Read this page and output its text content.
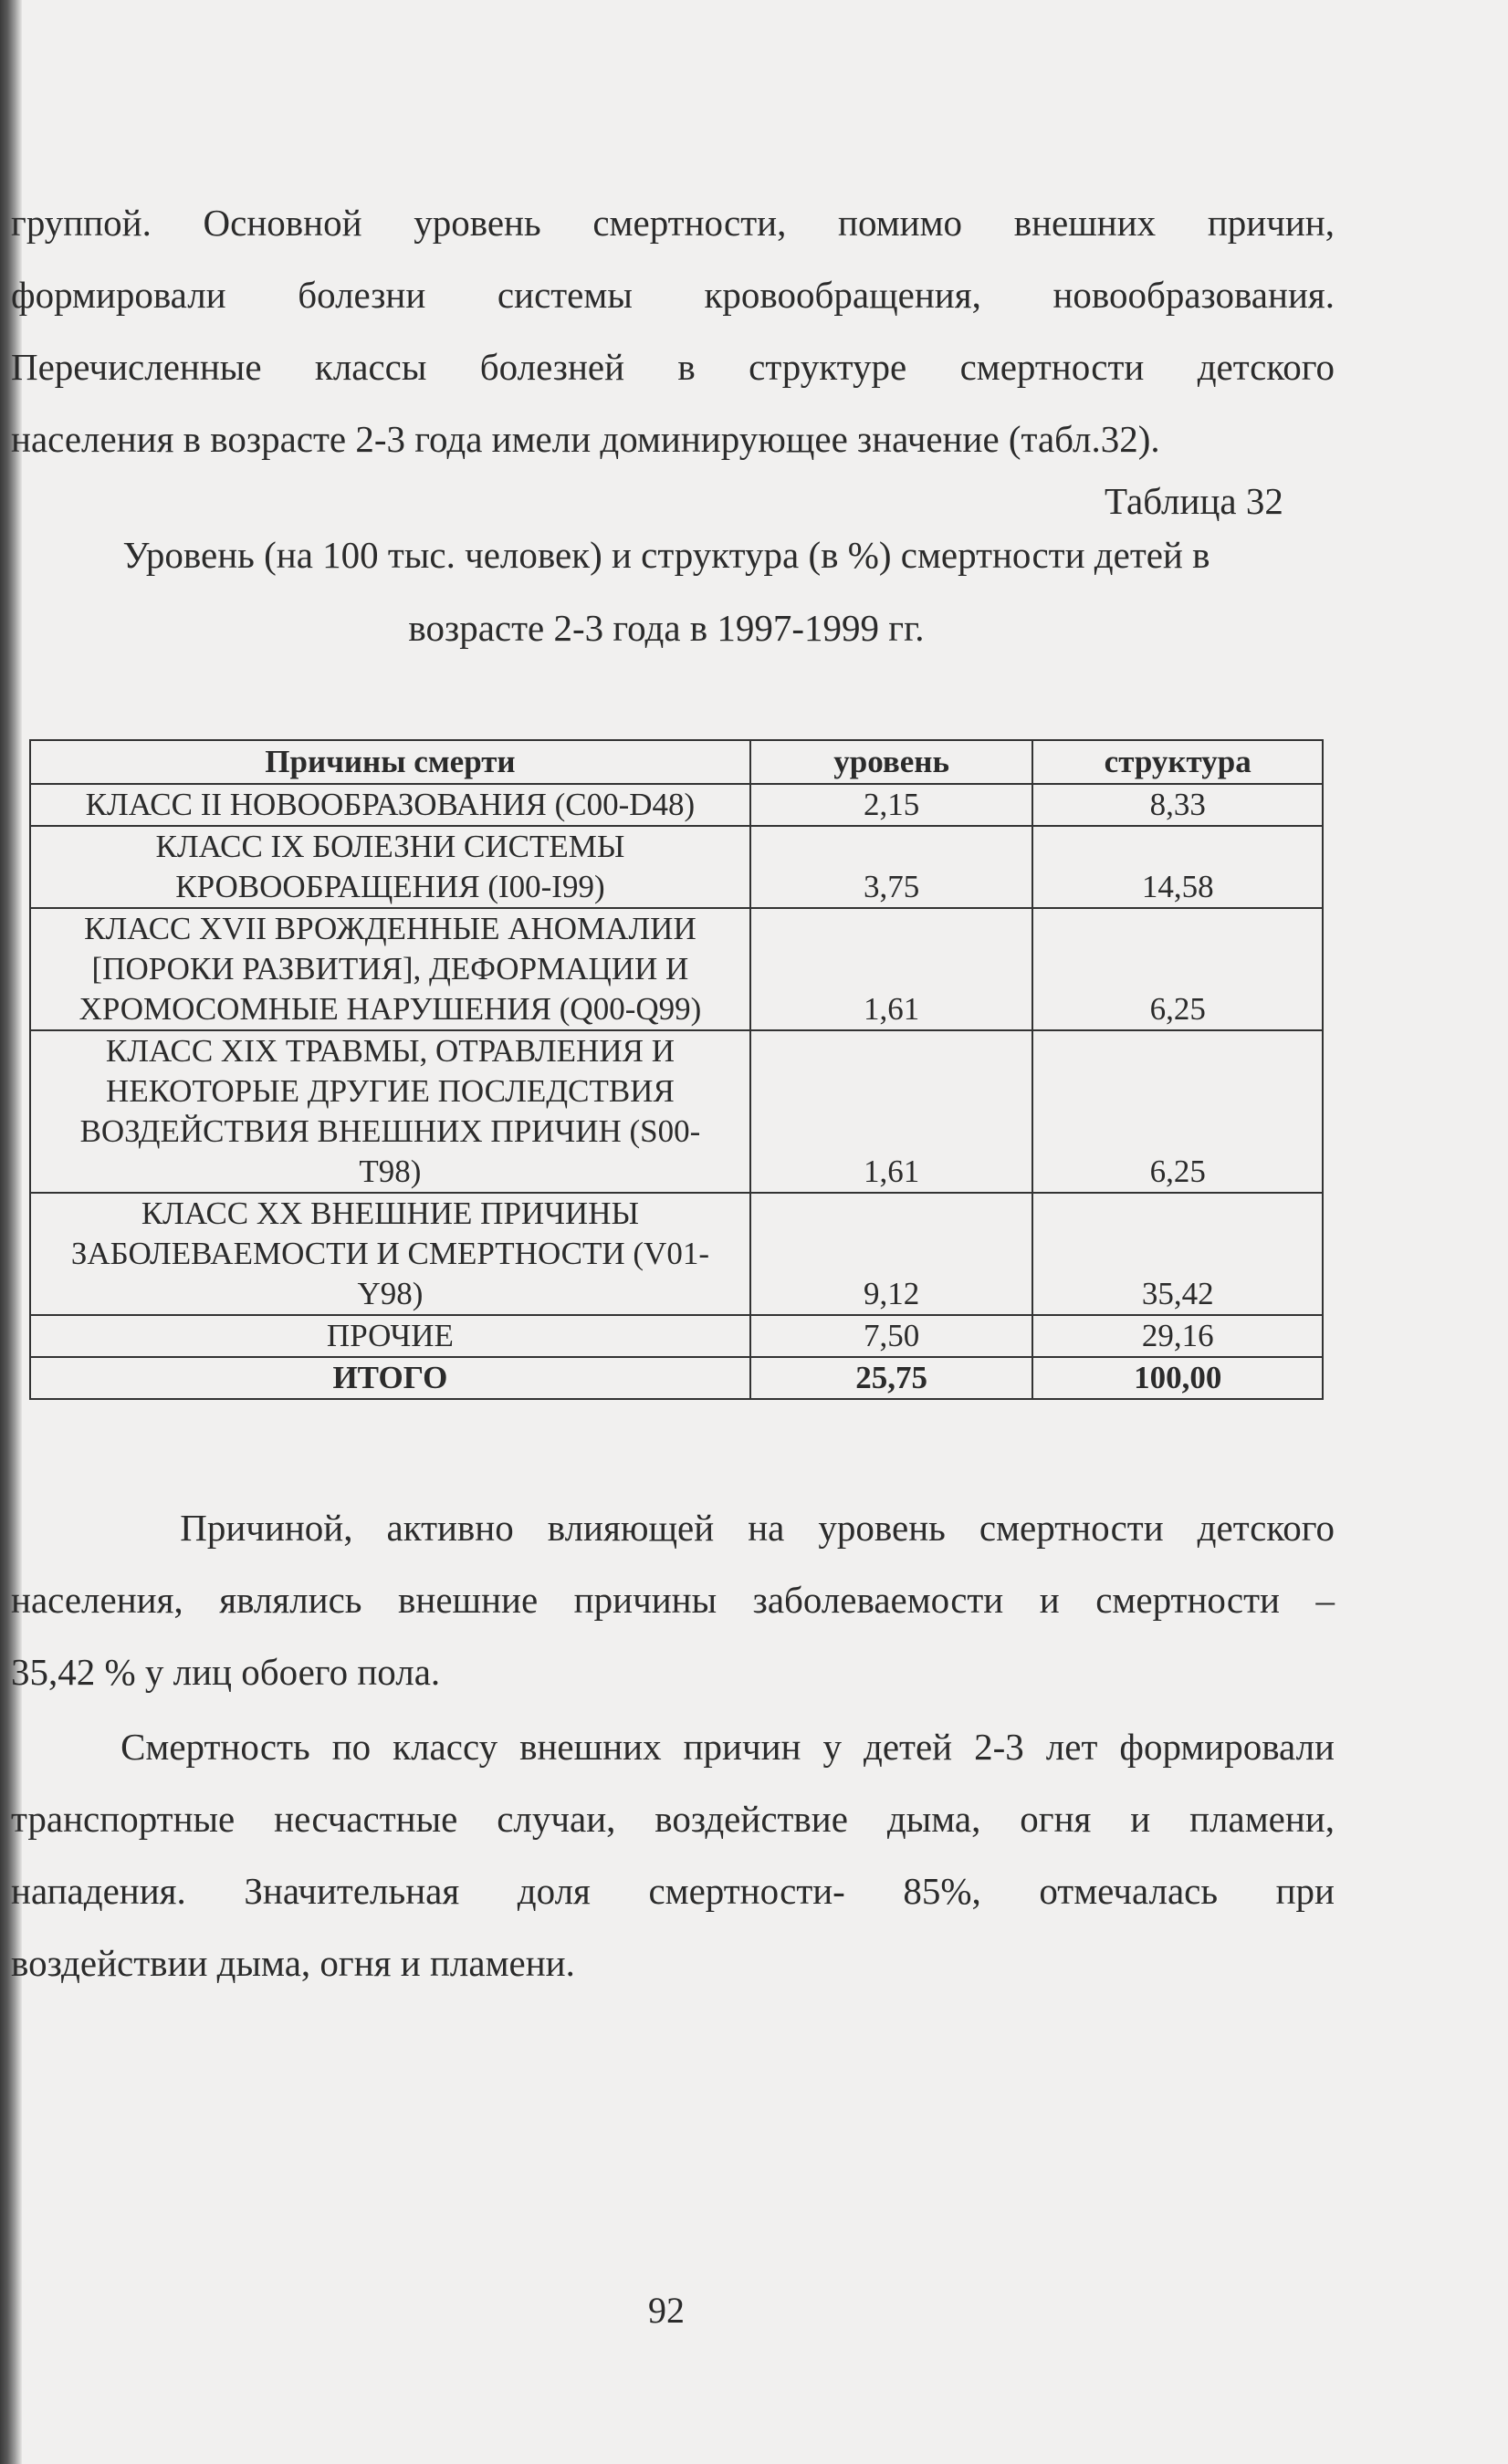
группой. Основной уровень смертности, помимо внешних причин,
формировали болезни системы кровообращения, новообразования.
Перечисленные классы болезней в структуре смертности детского
населения в возрасте 2-3 года имели доминирующее значение (табл.32).

Таблица 32

Уровень (на 100 тыс. человек) и структура (в %) смертности детей в
возрасте 2-3 года в 1997-1999 гг.
Причины смерти	уровень	структура

КЛАСС II НОВООБРАЗОВАНИЯ (C00-D48)	2,15	8,33

КЛАСС IX БОЛЕЗНИ СИСТЕМЫ
КРОВООБРАЩЕНИЯ (I00-I99)	3,75	14,58

КЛАСС XVII ВРОЖДЕННЫЕ АНОМАЛИИ
[ПОРОКИ РАЗВИТИЯ], ДЕФОРМАЦИИ И
ХРОМОСОМНЫЕ НАРУШЕНИЯ (Q00-Q99)	1,61	6,25

КЛАСС XIX ТРАВМЫ, ОТРАВЛЕНИЯ И
НЕКОТОРЫЕ ДРУГИЕ ПОСЛЕДСТВИЯ
ВОЗДЕЙСТВИЯ ВНЕШНИХ ПРИЧИН (S00-
T98)	1,61	6,25

КЛАСС XX ВНЕШНИЕ ПРИЧИНЫ
ЗАБОЛЕВАЕМОСТИ И СМЕРТНОСТИ (V01-
Y98)	9,12	35,42

ПРОЧИЕ	7,50	29,16
ИТОГО	25,75	100,00
Причиной, активно влияющей на уровень смертности детского
населения, являлись внешние причины заболеваемости и смертности –
35,42 % у лиц обоего пола.
Смертность по классу внешних причин у детей 2-3 лет формировали
транспортные несчастные случаи, воздействие дыма, огня и пламени,
нападения. Значительная доля смертности- 85%, отмечалась при
воздействии дыма, огня и пламени.

92
